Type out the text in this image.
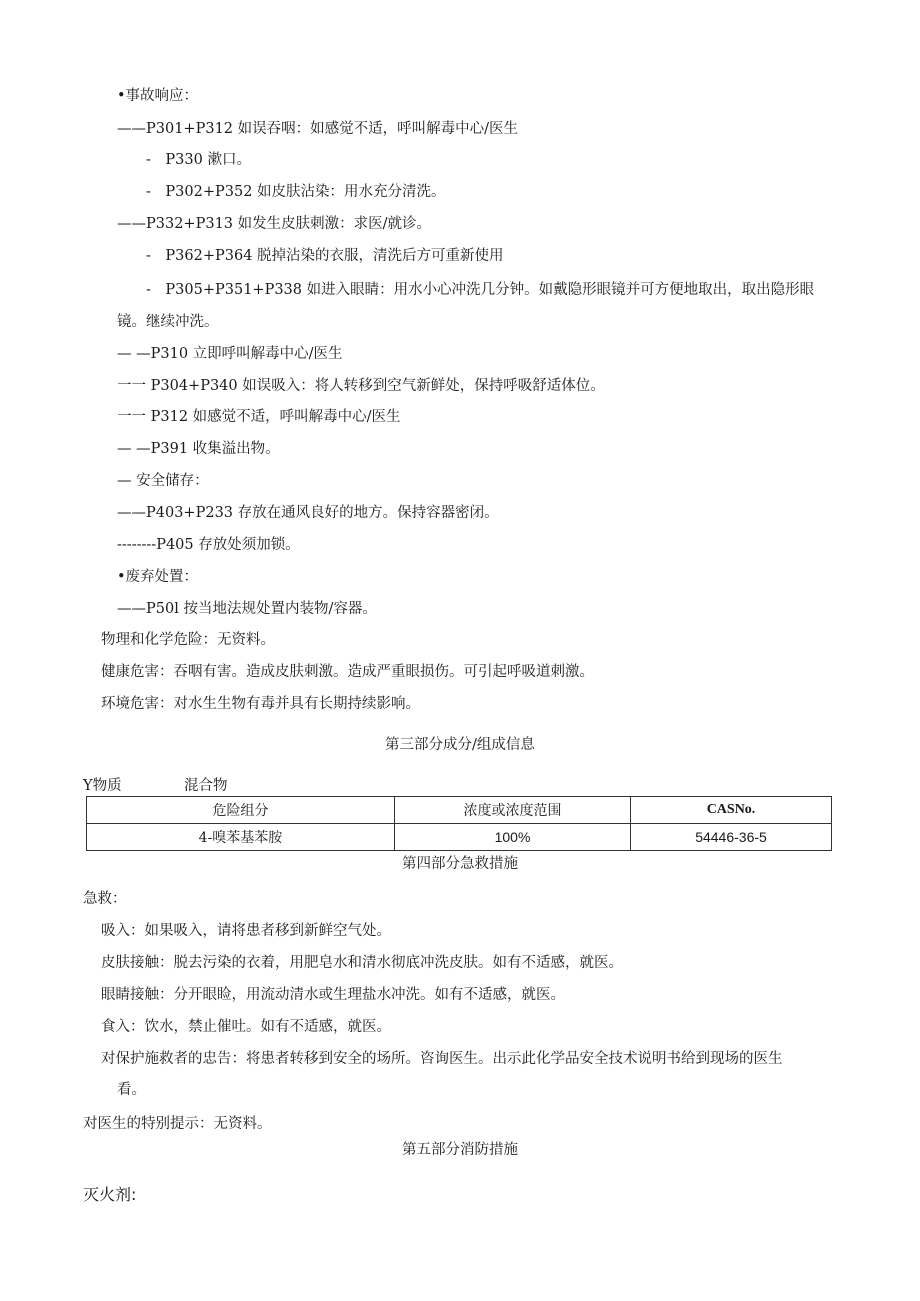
•事故响应：
——P301+P312 如误吞咽：如感觉不适，呼叫解毒中心/医生
-　P330 漱口。
-　P302+P352 如皮肤沾染：用水充分清洗。
——P332+P313 如发生皮肤刺激：求医/就诊。
-　P362+P364 脱掉沾染的衣服，清洗后方可重新使用
-　P305+P351+P338 如进入眼睛：用水小心冲洗几分钟。如戴隐形眼镜并可方便地取出，取出隐形眼
镜。继续冲洗。
— —P310 立即呼叫解毒中心/医生
一一 P304+P340 如误吸入：将人转移到空气新鲜处，保持呼吸舒适体位。
一一 P312 如感觉不适，呼叫解毒中心/医生
— —P391 收集溢出物。
— 安全储存：
——P403+P233 存放在通风良好的地方。保持容器密闭。
--------P405 存放处须加锁。
•废弃处置：
——P50l 按当地法规处置内装物/容器。
物理和化学危险：无资料。
健康危害：吞咽有害。造成皮肤刺激。造成严重眼损伤。可引起呼吸道刺激。
环境危害：对水生生物有毒并具有长期持续影响。
第三部分成分/组成信息
Y物质	混合物
危险组分	浓度或浓度范围	CASNo.
4-嗅苯基苯胺	100%	54446-36-5
第四部分急救措施
急救：
吸入：如果吸入，请将患者移到新鲜空气处。
皮肤接触：脱去污染的衣着，用肥皂水和清水彻底冲洗皮肤。如有不适感，就医。
眼睛接触：分开眼睑，用流动清水或生理盐水冲洗。如有不适感，就医。
食入：饮水，禁止催吐。如有不适感，就医。
对保护施救者的忠告：将患者转移到安全的场所。咨询医生。出示此化学品安全技术说明书给到现场的医生
看。
对医生的特别提示：无资料。
第五部分消防措施
灭火剂:
